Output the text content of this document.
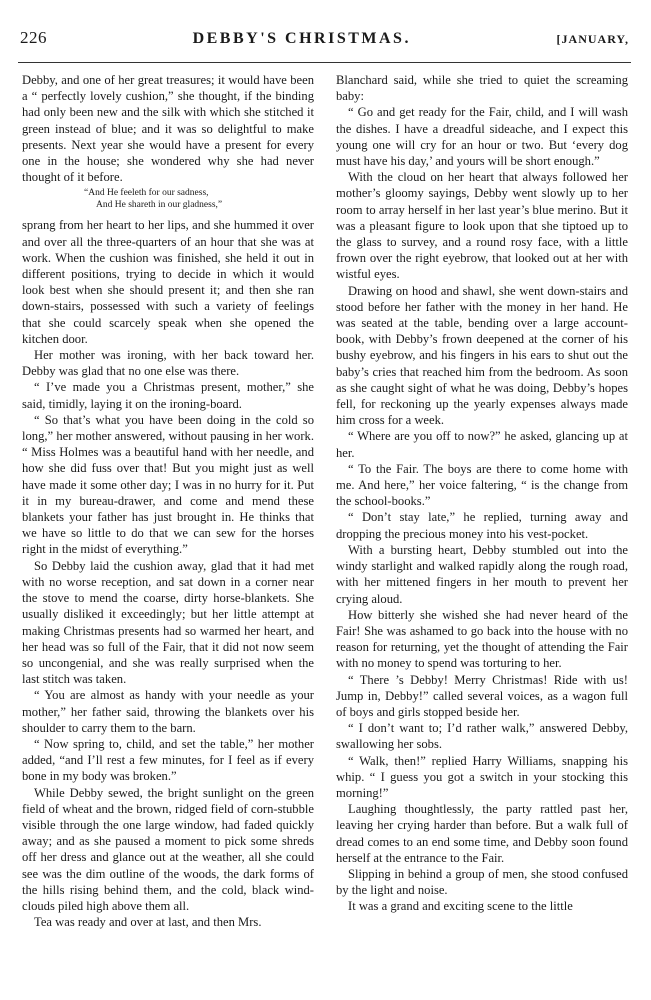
226	DEBBY'S CHRISTMAS.	[JANUARY,

Debby, and one of her great treasures; it would have been a “ perfectly lovely cushion,” she thought, if the binding had only been new and the silk with which she stitched it green instead of blue; and it was so delightful to make presents. Next year she would have a present for every one in the house; she wondered why she had never thought of it before.

“And He feeleth for our sadness,
And He shareth in our gladness,”

sprang from her heart to her lips, and she hummed it over and over all the three-quarters of an hour that she was at work. When the cushion was finished, she held it out in different positions, trying to decide in which it would look best when she should present it; and then she ran down-stairs, possessed with such a variety of feelings that she could scarcely speak when she opened the kitchen door.

Her mother was ironing, with her back toward her. Debby was glad that no one else was there.

“ I’ve made you a Christmas present, mother,” she said, timidly, laying it on the ironing-board.

“ So that’s what you have been doing in the cold so long,” her mother answered, without pausing in her work. “ Miss Holmes was a beautiful hand with her needle, and how she did fuss over that! But you might just as well have made it some other day; I was in no hurry for it. Put it in my bureau-drawer, and come and mend these blankets your father has just brought in. He thinks that we have so little to do that we can sew for the horses right in the midst of everything.”

So Debby laid the cushion away, glad that it had met with no worse reception, and sat down in a corner near the stove to mend the coarse, dirty horse-blankets. She usually disliked it exceedingly; but her little attempt at making Christmas presents had so warmed her heart, and her head was so full of the Fair, that it did not now seem so uncongenial, and she was really surprised when the last stitch was taken.

“ You are almost as handy with your needle as your mother,” her father said, throwing the blankets over his shoulder to carry them to the barn.

“ Now spring to, child, and set the table,” her mother added, “and I’ll rest a few minutes, for I feel as if every bone in my body was broken.”

While Debby sewed, the bright sunlight on the green field of wheat and the brown, ridged field of corn-stubble visible through the one large window, had faded quickly away; and as she paused a moment to pick some shreds off her dress and glance out at the weather, all she could see was the dim outline of the woods, the dark forms of the hills rising behind them, and the cold, black wind-clouds piled high above them all.

Tea was ready and over at last, and then Mrs.

Blanchard said, while she tried to quiet the screaming baby:

“ Go and get ready for the Fair, child, and I will wash the dishes. I have a dreadful sideache, and I expect this young one will cry for an hour or two. But ‘every dog must have his day,’ and yours will be short enough.”

With the cloud on her heart that always followed her mother’s gloomy sayings, Debby went slowly up to her room to array herself in her last year’s blue merino. But it was a pleasant figure to look upon that she tiptoed up to the glass to survey, and a round rosy face, with a little frown over the right eyebrow, that looked out at her with wistful eyes.

Drawing on hood and shawl, she went down-stairs and stood before her father with the money in her hand. He was seated at the table, bending over a large account-book, with Debby’s frown deepened at the corner of his bushy eyebrow, and his fingers in his ears to shut out the baby’s cries that reached him from the bedroom. As soon as she caught sight of what he was doing, Debby’s hopes fell, for reckoning up the yearly expenses always made him cross for a week.

“ Where are you off to now?” he asked, glancing up at her.

“ To the Fair. The boys are there to come home with me. And here,” her voice faltering, “ is the change from the school-books.”

“ Don’t stay late,” he replied, turning away and dropping the precious money into his vest-pocket.

With a bursting heart, Debby stumbled out into the windy starlight and walked rapidly along the rough road, with her mittened fingers in her mouth to prevent her crying aloud.

How bitterly she wished she had never heard of the Fair! She was ashamed to go back into the house with no reason for returning, yet the thought of attending the Fair with no money to spend was torturing to her.

“ There ’s Debby! Merry Christmas! Ride with us! Jump in, Debby!” called several voices, as a wagon full of boys and girls stopped beside her.

“ I don’t want to; I’d rather walk,” answered Debby, swallowing her sobs.

“ Walk, then!” replied Harry Williams, snapping his whip. “ I guess you got a switch in your stocking this morning!”

Laughing thoughtlessly, the party rattled past her, leaving her crying harder than before. But a walk full of dread comes to an end some time, and Debby soon found herself at the entrance to the Fair.

Slipping in behind a group of men, she stood confused by the light and noise.

It was a grand and exciting scene to the little
